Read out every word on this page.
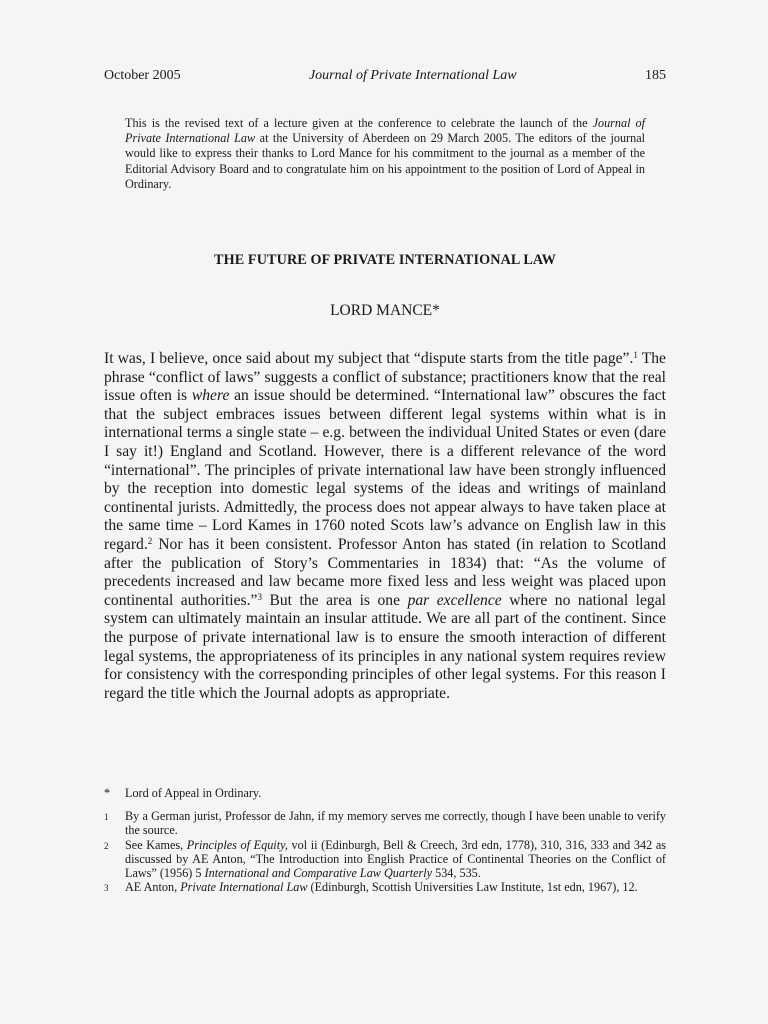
October 2005	Journal of Private International Law	185
This is the revised text of a lecture given at the conference to celebrate the launch of the Journal of Private International Law at the University of Aberdeen on 29 March 2005. The editors of the journal would like to express their thanks to Lord Mance for his commitment to the journal as a member of the Editorial Advisory Board and to congratulate him on his appointment to the position of Lord of Appeal in Ordinary.
THE FUTURE OF PRIVATE INTERNATIONAL LAW
LORD MANCE*
It was, I believe, once said about my subject that “dispute starts from the title page”.$^1$ The phrase “conflict of laws” suggests a conflict of substance; practitioners know that the real issue often is where an issue should be determined. “International law” obscures the fact that the subject embraces issues between different legal systems within what is in international terms a single state – e.g. between the individual United States or even (dare I say it!) England and Scotland. However, there is a different relevance of the word “international”. The principles of private international law have been strongly influenced by the reception into domestic legal systems of the ideas and writings of mainland continental jurists. Admittedly, the process does not appear always to have taken place at the same time – Lord Kames in 1760 noted Scots law’s advance on English law in this regard.$^2$ Nor has it been consistent. Professor Anton has stated (in relation to Scotland after the publication of Story’s Commentaries in 1834) that: “As the volume of precedents increased and law became more fixed less and less weight was placed upon continental authorities.”$^3$ But the area is one par excellence where no national legal system can ultimately maintain an insular attitude. We are all part of the continent. Since the purpose of private international law is to ensure the smooth interaction of different legal systems, the appropriateness of its principles in any national system requires review for consistency with the corresponding principles of other legal systems. For this reason I regard the title which the Journal adopts as appropriate.
* Lord of Appeal in Ordinary.
1 By a German jurist, Professor de Jahn, if my memory serves me correctly, though I have been unable to verify the source.
2 See Kames, Principles of Equity, vol ii (Edinburgh, Bell & Creech, 3rd edn, 1778), 310, 316, 333 and 342 as discussed by AE Anton, “The Introduction into English Practice of Continental Theories on the Conflict of Laws” (1956) 5 International and Comparative Law Quarterly 534, 535.
3 AE Anton, Private International Law (Edinburgh, Scottish Universities Law Institute, 1st edn, 1967), 12.
